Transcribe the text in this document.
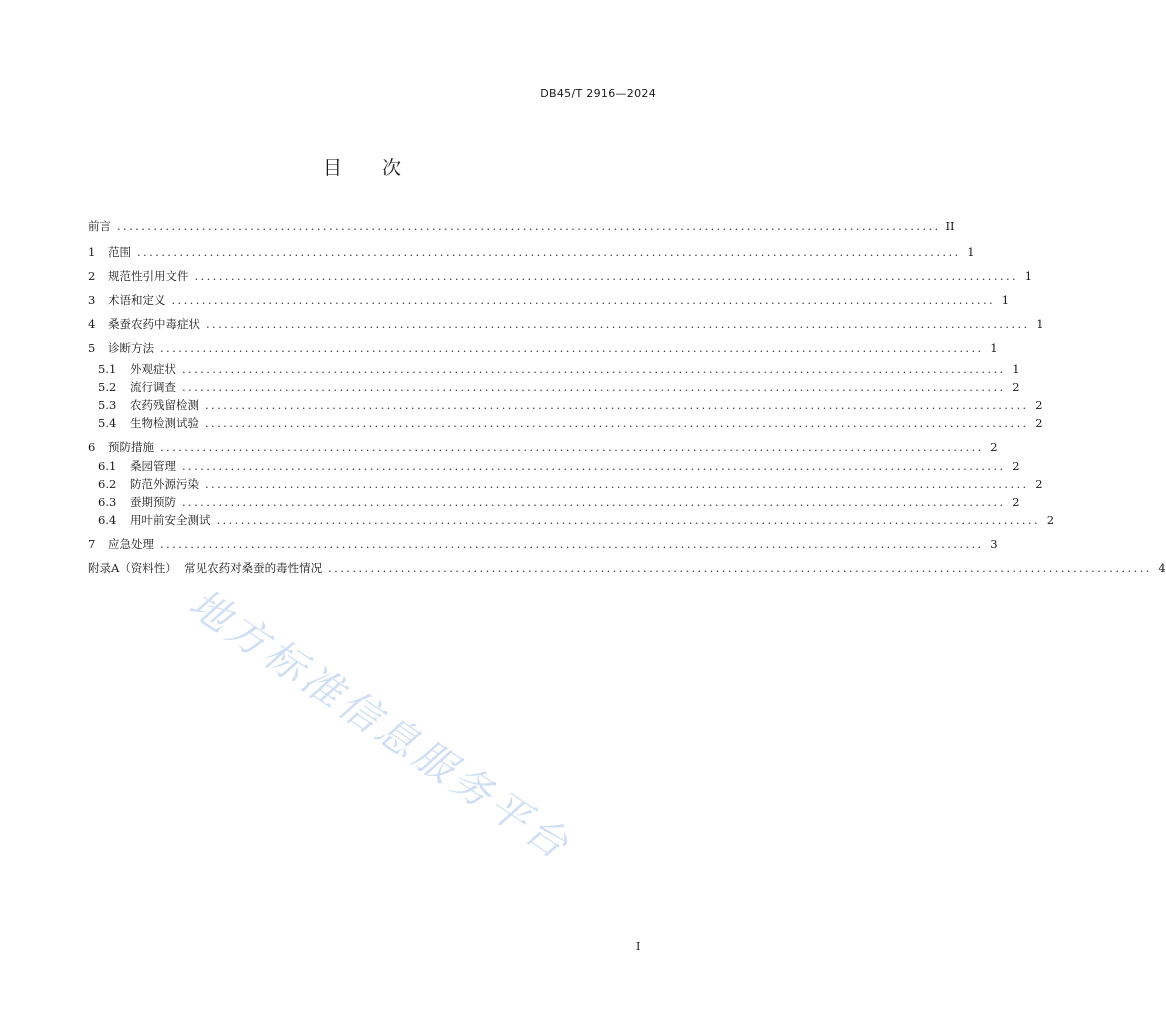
DB45/T 2916—2024
目 次
前言 ........................................................................................................................................ II
1	范围 ........................................................................................................................................ 1
2	规范性引用文件 ........................................................................................................................................ 1
3	术语和定义 ........................................................................................................................................ 1
4	桑蚕农药中毒症状 ........................................................................................................................................ 1
5	诊断方法 ........................................................................................................................................ 1
5.1	外观症状 ........................................................................................................................................ 1
5.2	流行调查 ........................................................................................................................................ 2
5.3	农药残留检测 ........................................................................................................................................ 2
5.4	生物检测试验 ........................................................................................................................................ 2
6	预防措施 ........................................................................................................................................ 2
6.1	桑园管理 ........................................................................................................................................ 2
6.2	防范外源污染 ........................................................................................................................................ 2
6.3	蚕期预防 ........................................................................................................................................ 2
6.4	用叶前安全测试 ........................................................................................................................................ 2
7	应急处理 ........................................................................................................................................ 3
附录A（资料性）  常见农药对桑蚕的毒性情况 ........................................................................................................................................ 4
地方标准信息服务平台
I
